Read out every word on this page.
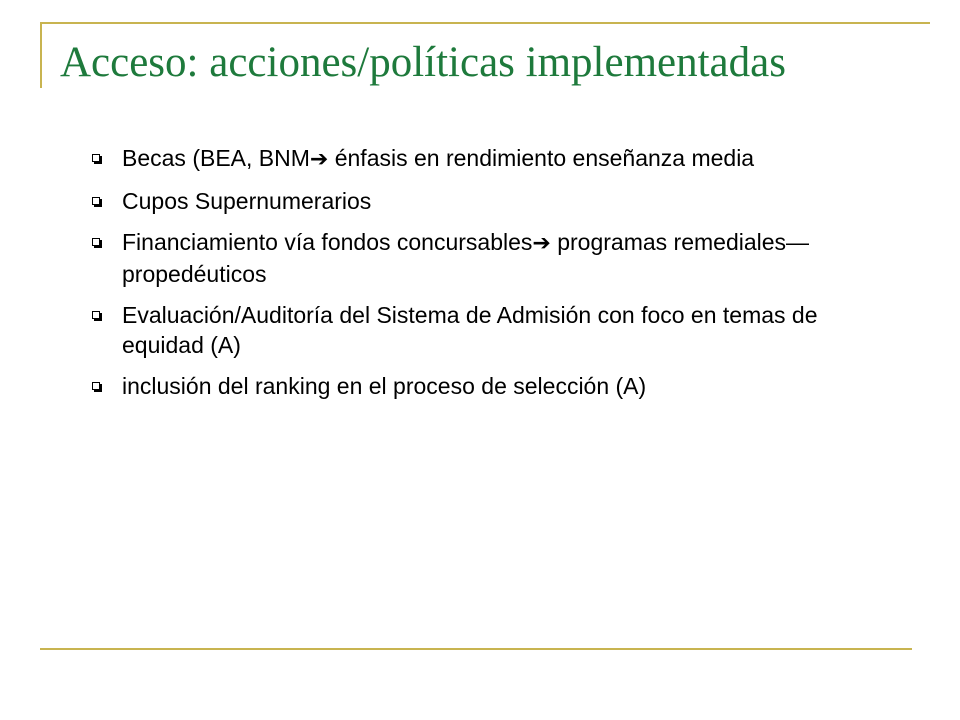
Acceso: acciones/políticas implementadas
Becas (BEA, BNM➔ énfasis en rendimiento enseñanza media
Cupos Supernumerarios
Financiamiento vía fondos concursables➔ programas remediales—propedéuticos
Evaluación/Auditoría del Sistema de Admisión con foco en temas de equidad (A)
inclusión del ranking en el proceso de selección (A)
